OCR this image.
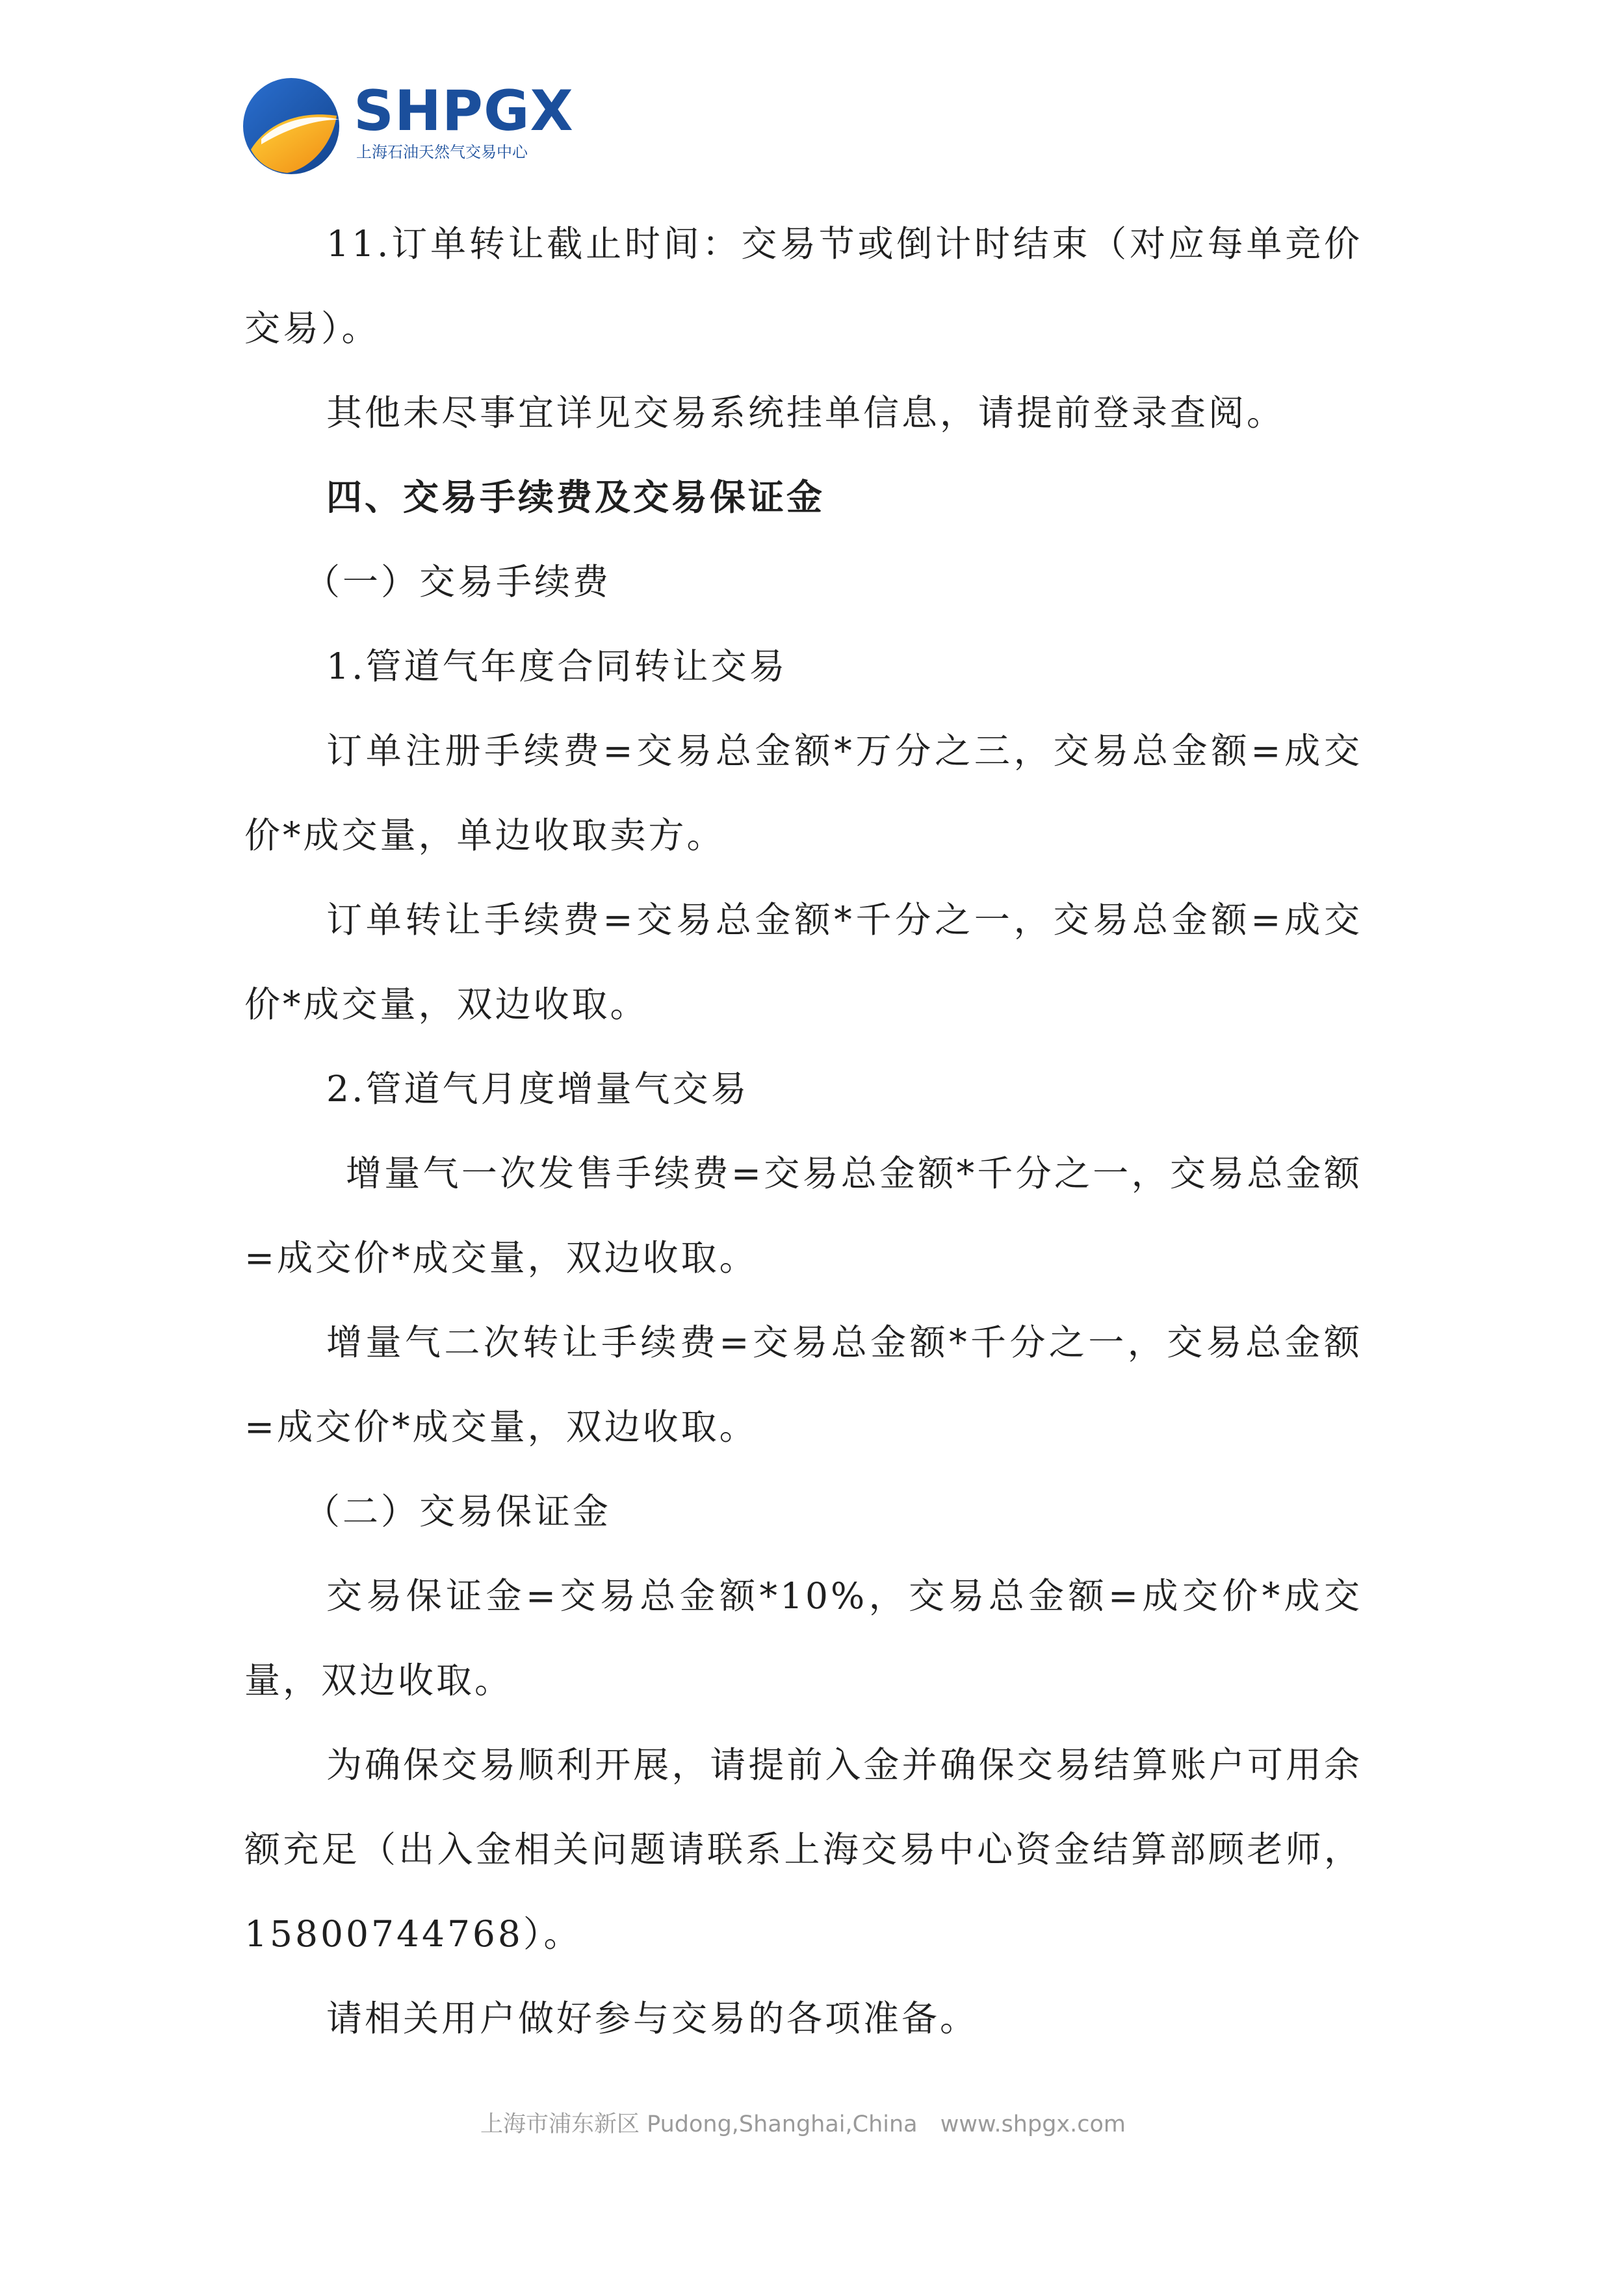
SHPGX
上海石油天然气交易中心

11.订单转让截止时间：交易节或倒计时结束（对应每单竞价交易）。

其他未尽事宜详见交易系统挂单信息，请提前登录查阅。

四、交易手续费及交易保证金

（一）交易手续费

1.管道气年度合同转让交易

订单注册手续费=交易总金额*万分之三，交易总金额=成交价*成交量，单边收取卖方。

订单转让手续费=交易总金额*千分之一，交易总金额=成交价*成交量，双边收取。

2.管道气月度增量气交易

增量气一次发售手续费=交易总金额*千分之一，交易总金额=成交价*成交量，双边收取。

增量气二次转让手续费=交易总金额*千分之一，交易总金额=成交价*成交量，双边收取。

（二）交易保证金

交易保证金=交易总金额*10%，交易总金额=成交价*成交量，双边收取。

为确保交易顺利开展，请提前入金并确保交易结算账户可用余额充足（出入金相关问题请联系上海交易中心资金结算部顾老师，15800744768）。

请相关用户做好参与交易的各项准备。

上海市浦东新区 Pudong,Shanghai,China www.shpgx.com
